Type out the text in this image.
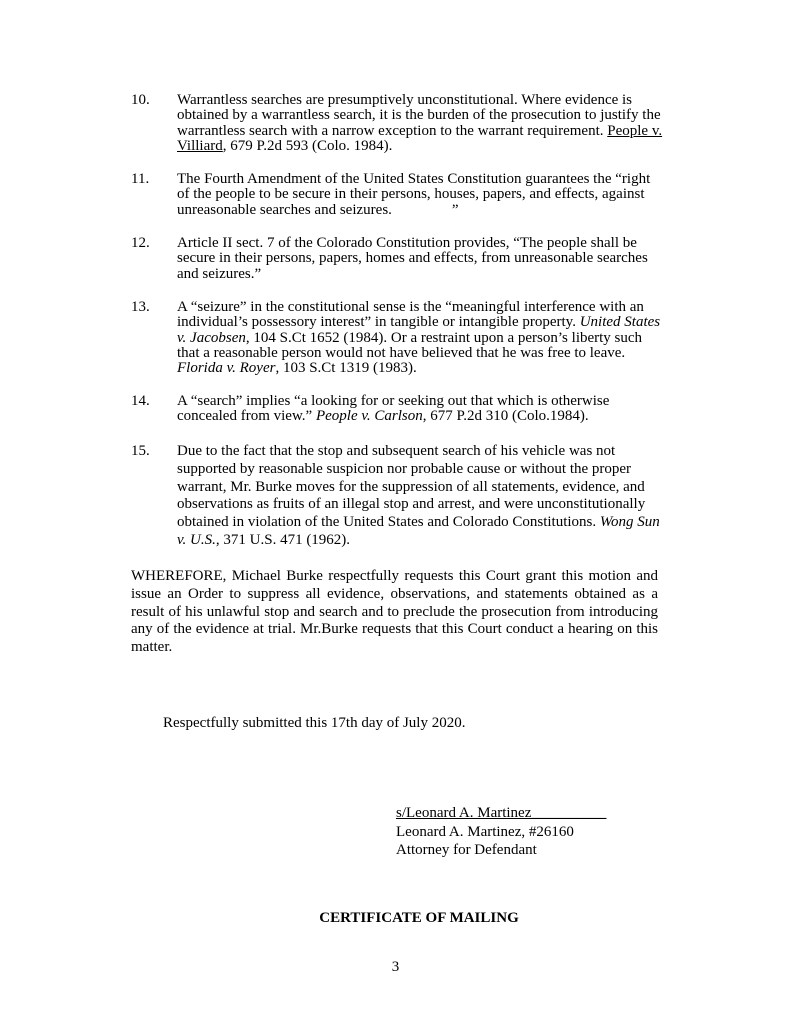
10. Warrantless searches are presumptively unconstitutional. Where evidence is obtained by a warrantless search, it is the burden of the prosecution to justify the warrantless search with a narrow exception to the warrant requirement. People v. Villiard, 679 P.2d 593 (Colo. 1984).
11. The Fourth Amendment of the United States Constitution guarantees the “right of the people to be secure in their persons, houses, papers, and effects, against unreasonable searches and seizures.	”
12. Article II sect. 7 of the Colorado Constitution provides, “The people shall be secure in their persons, papers, homes and effects, from unreasonable searches and seizures.”
13. A “seizure” in the constitutional sense is the “meaningful interference with an individual’s possessory interest” in tangible or intangible property. United States v. Jacobsen, 104 S.Ct 1652 (1984). Or a restraint upon a person’s liberty such that a reasonable person would not have believed that he was free to leave. Florida v. Royer, 103 S.Ct 1319 (1983).
14. A “search” implies “a looking for or seeking out that which is otherwise concealed from view.” People v. Carlson, 677 P.2d 310 (Colo.1984).
15. Due to the fact that the stop and subsequent search of his vehicle was not supported by reasonable suspicion nor probable cause or without the proper warrant, Mr. Burke moves for the suppression of all statements, evidence, and observations as fruits of an illegal stop and arrest, and were unconstitutionally obtained in violation of the United States and Colorado Constitutions. Wong Sun v. U.S., 371 U.S. 471 (1962).
WHEREFORE, Michael Burke respectfully requests this Court grant this motion and issue an Order to suppress all evidence, observations, and statements obtained as a result of his unlawful stop and search and to preclude the prosecution from introducing any of the evidence at trial. Mr.Burke requests that this Court conduct a hearing on this matter.
Respectfully submitted this 17th day of July 2020.
s/Leonard A. Martinez__________
Leonard A. Martinez, #26160
Attorney for Defendant
CERTIFICATE OF MAILING
3
